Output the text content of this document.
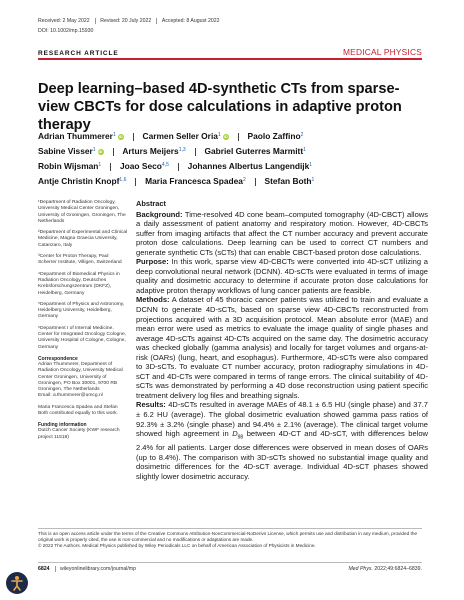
Received: 2 May 2022 Revised: 20 July 2022 Accepted: 8 August 2022
DOI: 10.1002/mp.15930
RESEARCH ARTICLE	MEDICAL PHYSICS
Deep learning–based 4D-synthetic CTs from sparse-view CBCTs for dose calculations in adaptive proton therapy
Adrian Thummerer$^1$ iD Carmen Seller Oria$^1$ iD Paolo Zaffino$^2$
Sabine Visser$^1$ iD Arturs Meijers$^{1,3}$ Gabriel Guterres Marmitt$^1$
Robin Wijsman$^1$ Joao Seco$^{4,5}$ Johannes Albertus Langendijk$^1$
Antje Christin Knopf$^{1,6}$ Maria Francesca Spadea$^2$ Stefan Both$^1$
¹Department of Radiation Oncology, University Medical Center Groningen, University of Groningen, Groningen, The Netherlands
²Department of Experimental and Clinical Medicine, Magna Graecia University, Catanzaro, Italy
³Center for Proton Therapy, Paul Scherrer Institute, Villigen, Switzerland
⁴Department of Biomedical Physics in Radiation Oncology, Deutsches Krebsforschungszentrum (DKFZ), Heidelberg, Germany
⁵Department of Physics and Astronomy, Heidelberg University, Heidelberg, Germany
⁶Department I of Internal Medicine, Center for Integrated Oncology Cologne, University Hospital of Cologne, Cologne, Germany
Correspondence
Adrian Thummerer, Department of Radiation Oncology, University Medical Center Groningen, University of Groningen, PO Box 30001, 9700 RB Groningen, The Netherlands
Email: a.thummerer@umcg.nl
Maria Francesca Spadea and Stefan Both contributed equally to this work.
Funding information
Dutch Cancer Society (KWF research project 11518)
Abstract

Background: Time-resolved 4D cone beam–computed tomography (4D-CBCT) allows a daily assessment of patient anatomy and respiratory motion. However, 4D-CBCTs suffer from imaging artifacts that affect the CT number accuracy and prevent accurate proton dose calculations. Deep learning can be used to correct CT numbers and generate synthetic CTs (sCTs) that can enable CBCT-based proton dose calculations.

Purpose: In this work, sparse view 4D-CBCTs were converted into 4D-sCT utilizing a deep convolutional neural network (DCNN). 4D-sCTs were evaluated in terms of image quality and dosimetric accuracy to determine if accurate proton dose calculations for adaptive proton therapy workflows of lung cancer patients are feasible.

Methods: A dataset of 45 thoracic cancer patients was utilized to train and evaluate a DCNN to generate 4D-sCTs, based on sparse view 4D-CBCTs reconstructed from projections acquired with a 3D acquisition protocol. Mean absolute error (MAE) and mean error were used as metrics to evaluate the image quality of single phases and average 4D-sCTs against 4D-CTs acquired on the same day. The dosimetric accuracy was checked globally (gamma analysis) and locally for target volumes and organs-at-risk (OARs) (lung, heart, and esophagus). Furthermore, 4D-sCTs were also compared to 3D-sCTs. To evaluate CT number accuracy, proton radiography simulations in 4D-sCT and 4D-CTs were compared in terms of range errors. The clinical suitability of 4D-sCTs was demonstrated by performing a 4D dose reconstruction using patient specific treatment delivery log files and breathing signals.

Results: 4D-sCTs resulted in average MAEs of 48.1 ± 6.5 HU (single phase) and 37.7 ± 6.2 HU (average). The global dosimetric evaluation showed gamma pass ratios of 92.3% ± 3.2% (single phase) and 94.4% ± 2.1% (average). The clinical target volume showed high agreement in $D_{98}$ between 4D-CT and 4D-sCT, with differences below 2.4% for all patients. Larger dose differences were observed in mean doses of OARs (up to 8.4%). The comparison with 3D-sCTs showed no substantial image quality and dosimetric differences for the 4D-sCT average. Individual 4D-sCT phases showed slightly lower dosimetric accuracy.

This is an open access article under the terms of the Creative Commons Attribution-NonCommercial-NoDerivs License, which permits use and distribution in any medium, provided the original work is properly cited, the use is non-commercial and no modifications or adaptations are made.
© 2022 The Authors. Medical Physics published by Wiley Periodicals LLC on behalf of American Association of Physicists in Medicine.
6824 wileyonlinelibrary.com/journal/mp	Med Phys. 2022;49:6824–6839.
